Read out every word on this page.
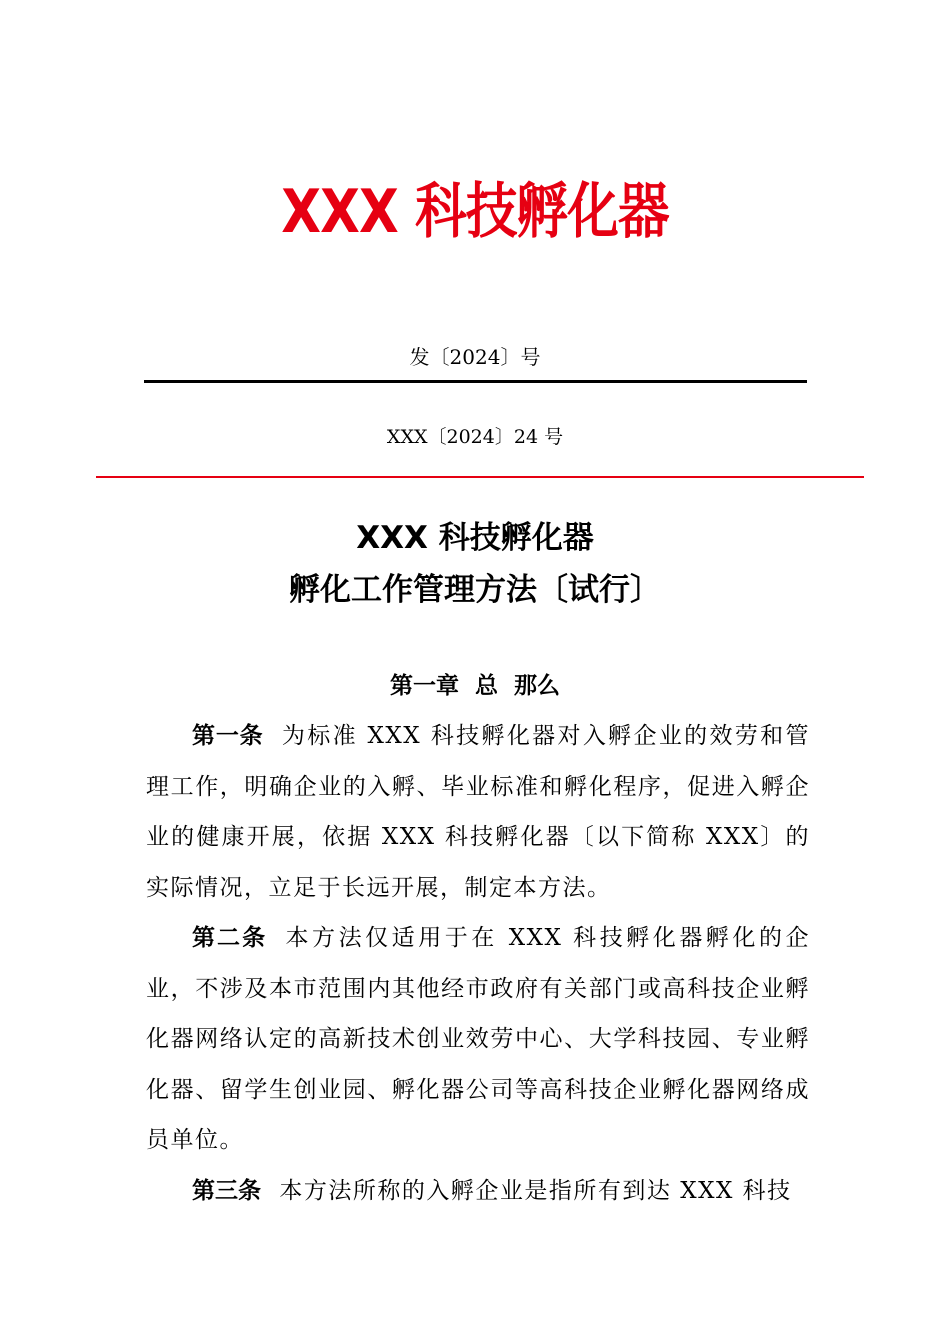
XXX 科技孵化器
发〔2024〕号
XXX〔2024〕24 号
XXX 科技孵化器
孵化工作管理方法〔试行〕
第一章  总  那么

第一条 为标准 XXX 科技孵化器对入孵企业的效劳和管理工作，明确企业的入孵、毕业标准和孵化程序，促进入孵企业的健康开展，依据 XXX 科技孵化器〔以下简称 XXX〕的实际情况，立足于长远开展，制定本方法。

第二条 本方法仅适用于在 XXX 科技孵化器孵化的企业，不涉及本市范围内其他经市政府有关部门或高科技企业孵化器网络认定的高新技术创业效劳中心、大学科技园、专业孵化器、留学生创业园、孵化器公司等高科技企业孵化器网络成员单位。

第三条 本方法所称的入孵企业是指所有到达 XXX 科技
